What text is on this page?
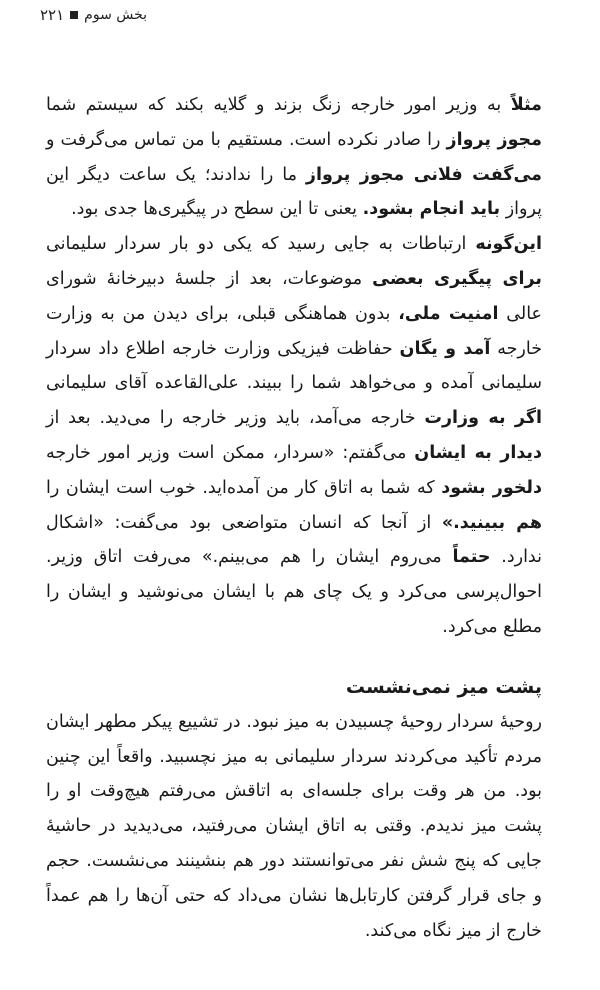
۲۲۱ بخش سوم

مثلاً به وزیر امور خارجه زنگ بزند و گلایه بکند که سیستم شما مجوز پرواز را صادر نکرده است. مستقیم با من تماس می‌گرفت و می‌گفت فلانی مجوز پرواز ما را ندادند؛ یک ساعت دیگر این پرواز باید انجام بشود. یعنی تا این سطح در پیگیری‌ها جدی بود.

این‌گونه ارتباطات به جایی رسید که یکی دو بار سردار سلیمانی برای پیگیری بعضی موضوعات، بعد از جلسهٔ دبیرخانهٔ شورای عالی امنیت ملی، بدون هماهنگی قبلی، برای دیدن من به وزارت خارجه آمد و یگان حفاظت فیزیکی وزارت خارجه اطلاع داد سردار سلیمانی آمده و می‌خواهد شما را ببیند. علی‌القاعده آقای سلیمانی اگر به وزارت خارجه می‌آمد، باید وزیر خارجه را می‌دید. بعد از دیدار به ایشان می‌گفتم: «سردار، ممکن است وزیر امور خارجه دلخور بشود که شما به اتاق کار من آمده‌اید. خوب است ایشان را هم ببینید.» از آنجا که انسان متواضعی بود می‌گفت: «اشکال ندارد. حتماً می‌روم ایشان را هم می‌بینم.» می‌رفت اتاق وزیر. احوال‌پرسی می‌کرد و یک چای هم با ایشان می‌نوشید و ایشان را مطلع می‌کرد.

پشت میز نمی‌نشست

روحیهٔ سردار روحیهٔ چسبیدن به میز نبود. در تشییع پیکر مطهر ایشان مردم تأکید می‌کردند سردار سلیمانی به میز نچسبید. واقعاً این چنین بود. من هر وقت برای جلسه‌ای به اتاقش می‌رفتم هیچ‌وقت او را پشت میز ندیدم. وقتی به اتاق ایشان می‌رفتید، می‌دیدید در حاشیهٔ جایی که پنج شش نفر می‌توانستند دور هم بنشینند می‌نشست. حجم و جای قرار گرفتن کارتابل‌ها نشان می‌داد که حتی آن‌ها را هم عمداً خارج از میز نگاه می‌کند.
